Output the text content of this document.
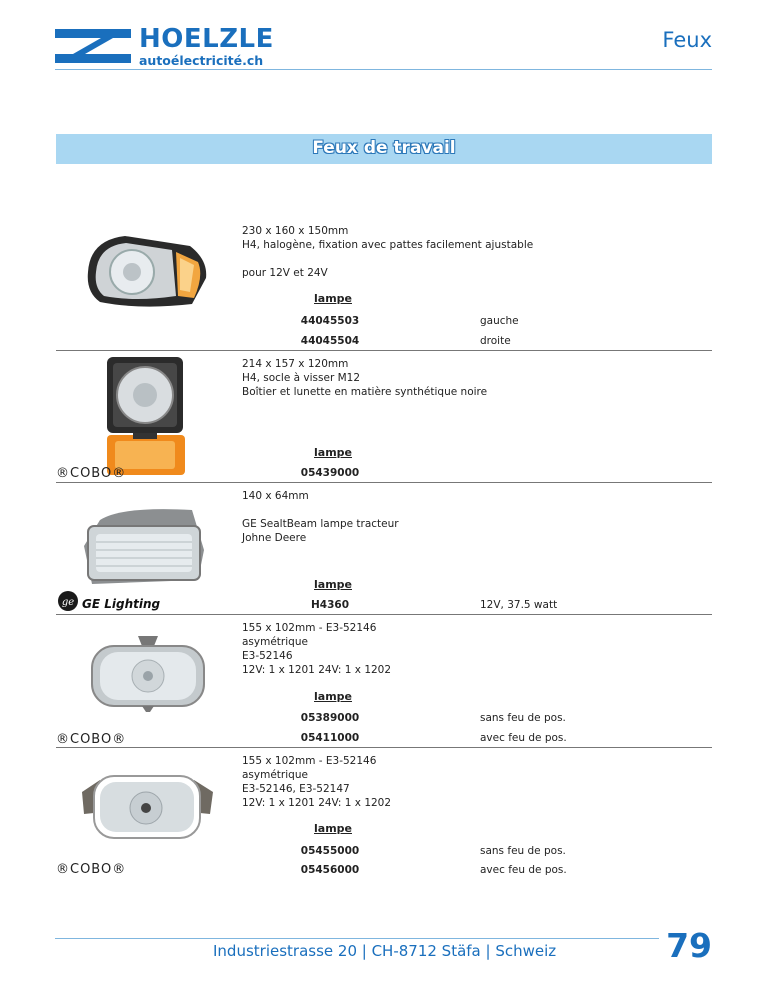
HOELZLE
autoélectricité.ch
Feux
Feux de travail
230 x 160 x 150mm
H4, halogène, fixation avec pattes facilement ajustable
pour 12V et 24V
lampe
44045503	gauche
44045504	droite
214 x 157 x 120mm
H4, socle à visser M12
Boîtier et lunette en matière synthétique noire
lampe
®COBO®	05439000
140 x 64mm
GE SealtBeam lampe tracteur
Johne Deere
lampe
ge GE Lighting	H4360	12V, 37.5 watt
155 x 102mm - E3-52146
asymétrique
E3-52146
12V: 1 x 1201 24V: 1 x 1202
lampe
05389000	sans feu de pos.
®COBO®	05411000	avec feu de pos.
155 x 102mm - E3-52146
asymétrique
E3-52146, E3-52147
12V: 1 x 1201 24V: 1 x 1202
lampe
05455000	sans feu de pos.
®COBO®	05456000	avec feu de pos.
Industriestrasse 20 | CH-8712 Stäfa | Schweiz	79
